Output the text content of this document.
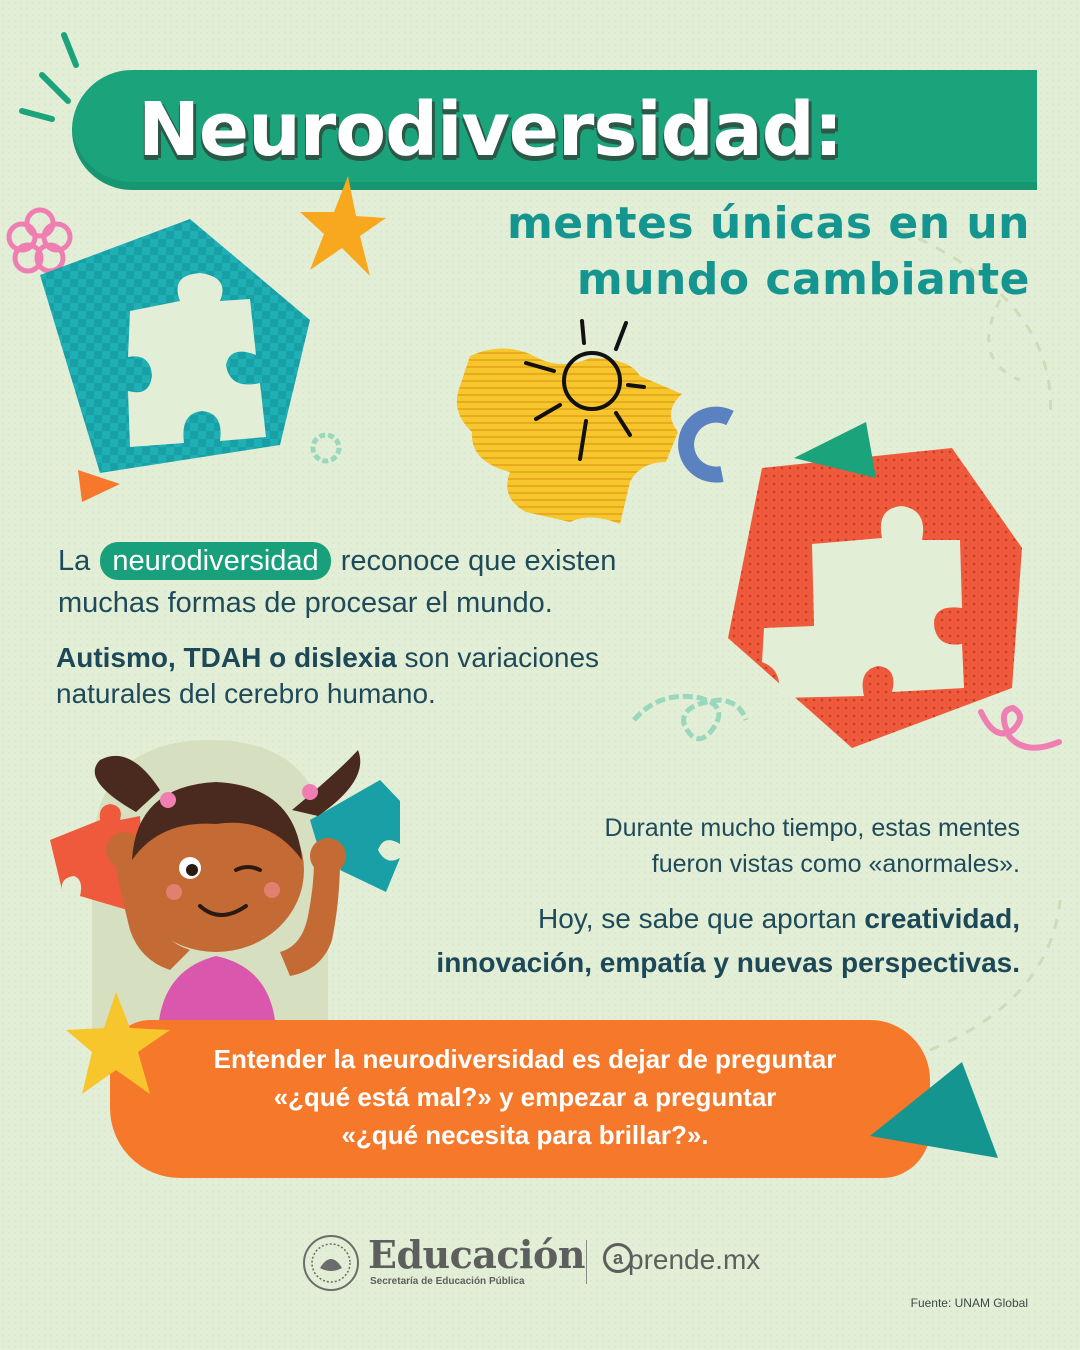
Neurodiversidad:
mentes únicas en un
mundo cambiante
La neurodiversidad reconoce que existen
muchas formas de procesar el mundo.
Autismo, TDAH o dislexia son variaciones
naturales del cerebro humano.
Durante mucho tiempo, estas mentes
fueron vistas como «anormales».
Hoy, se sabe que aportan creatividad,
innovación, empatía y nuevas perspectivas.
Entender la neurodiversidad es dejar de preguntar
«¿qué está mal?» y empezar a preguntar
«¿qué necesita para brillar?».
Educación
Secretaría de Educación Pública
a prende.mx
Fuente: UNAM Global
